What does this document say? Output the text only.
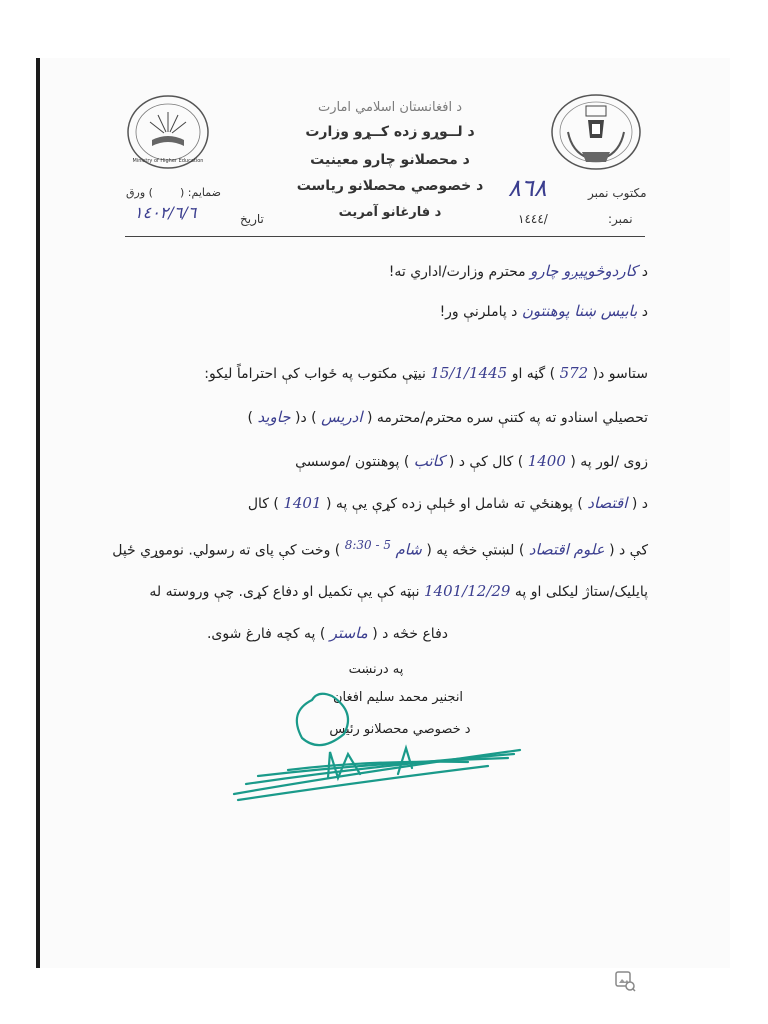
Ministry of Higher Education
د افغانستان اسلامي امارت
د لــوړو زده کــړو وزارت
د محصلانو چارو معينيت
د خصوصي محصلانو رياست
د فارغانو آمريت
ضمايم: (
) ورق
تاريخ
١٤٠٢/٦/٦
مکتوب نمبر
٨٦٨
نمبر:
١٤٤٤/
د کاردوڅوپیږو چارو محترم وزارت/اداري ته!
د بابیس ښنا پوهنتون د پاملرنې ور!
ستاسو د( 572 ) گڼه او 15/1/1445 نيټې مکتوب په ځواب کې احتراماً ليکو:
تحصيلي اسنادو ته په کتنې سره محترم/محترمه ( ادریس ) د( جاوید )
زوی /لور په ( 1400 ) کال کې د ( کاتب ) پوهنتون /موسسې
د ( اقتصاد ) پوهنځي ته شامل او ځېلې زده کړې يې په ( 1401 ) کال
کې د ( علوم اقتصاد ) لښتې خڅه په ( شام 5 - 8:30 ) وخت کې پای ته رسولي. نوموړي ځپل
پايليک/ستاژ ليکلی او په 1401/12/29 نېټه کې يې تکميل او دفاع کړی. چې وروسته له
دفاع خڅه د ( ماستر ) په کچه فارغ شوی.
په درنښت
انجنير محمد سليم افغان
د خصوصي محصلانو رئيس
